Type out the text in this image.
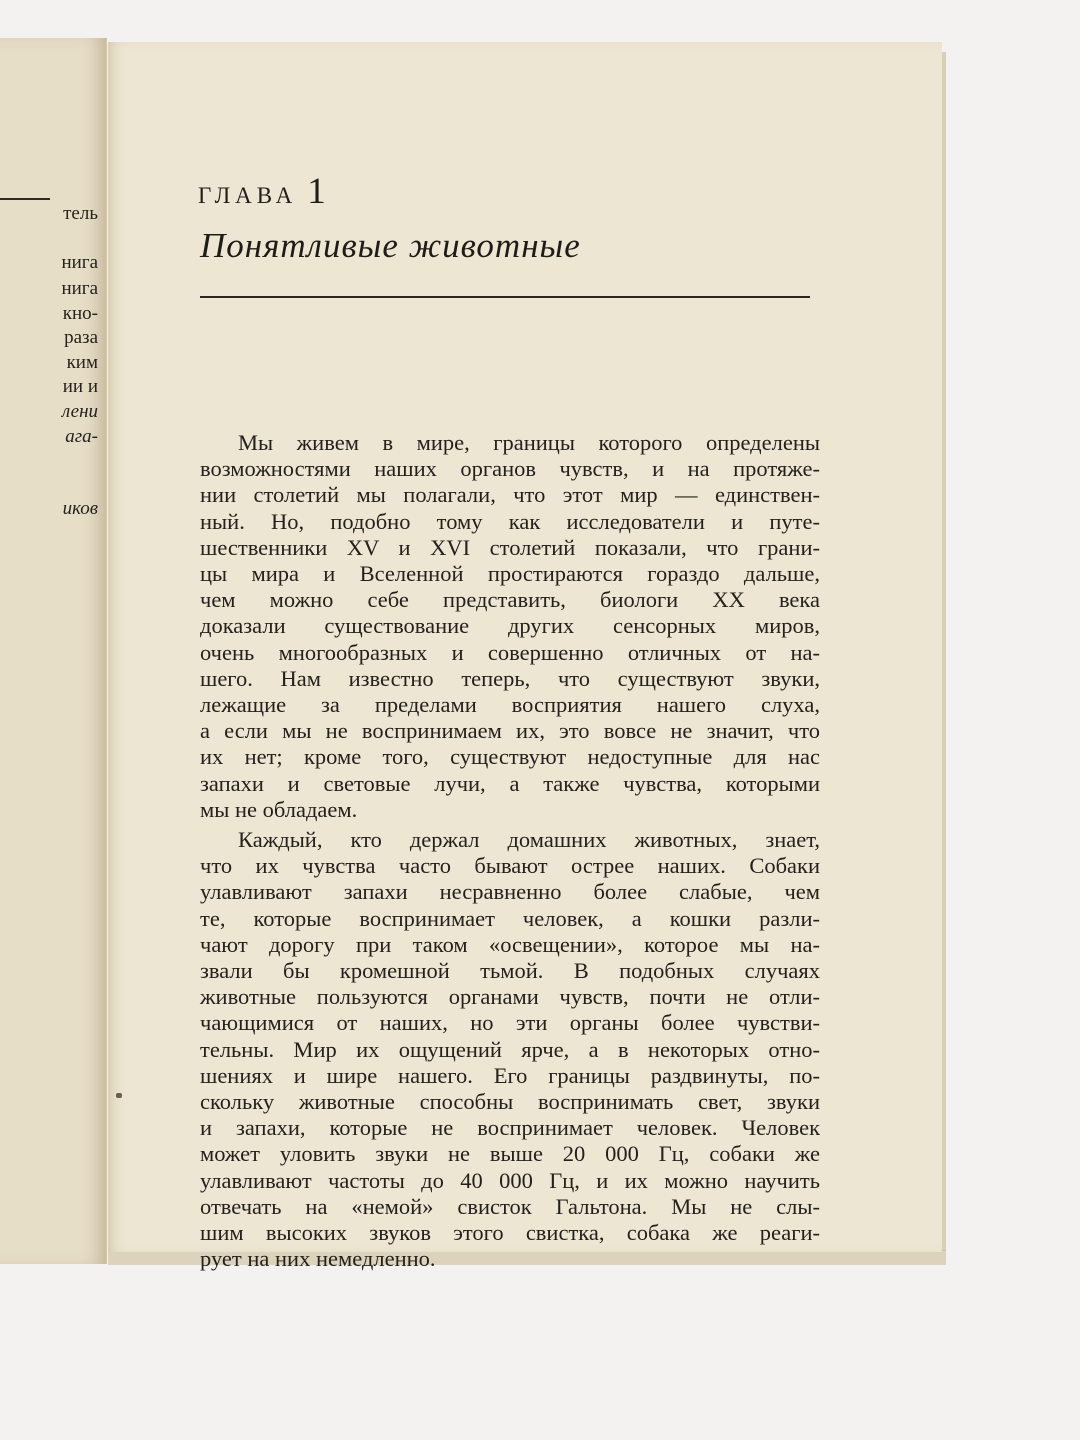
тель
нига
нига
кно-
раза
ким
ии и
лени
ага-
иков
ГЛАВА 1
Понятливые животные
Мы живем в мире, границы которого определены
возможностями наших органов чувств, и на протяже-
нии столетий мы полагали, что этот мир — единствен-
ный. Но, подобно тому как исследователи и путе-
шественники XV и XVI столетий показали, что грани-
цы мира и Вселенной простираются гораздо дальше,
чем можно себе представить, биологи XX века
доказали существование других сенсорных миров,
очень многообразных и совершенно отличных от на-
шего. Нам известно теперь, что существуют звуки,
лежащие за пределами восприятия нашего слуха,
а если мы не воспринимаем их, это вовсе не значит, что
их нет; кроме того, существуют недоступные для нас
запахи и световые лучи, а также чувства, которыми
мы не обладаем.
Каждый, кто держал домашних животных, знает,
что их чувства часто бывают острее наших. Собаки
улавливают запахи несравненно более слабые, чем
те, которые воспринимает человек, а кошки разли-
чают дорогу при таком «освещении», которое мы на-
звали бы кромешной тьмой. В подобных случаях
животные пользуются органами чувств, почти не отли-
чающимися от наших, но эти органы более чувстви-
тельны. Мир их ощущений ярче, а в некоторых отно-
шениях и шире нашего. Его границы раздвинуты, по-
скольку животные способны воспринимать свет, звуки
и запахи, которые не воспринимает человек. Человек
может уловить звуки не выше 20 000 Гц, собаки же
улавливают частоты до 40 000 Гц, и их можно научить
отвечать на «немой» свисток Гальтона. Мы не слы-
шим высоких звуков этого свистка, собака же реаги-
рует на них немедленно.
